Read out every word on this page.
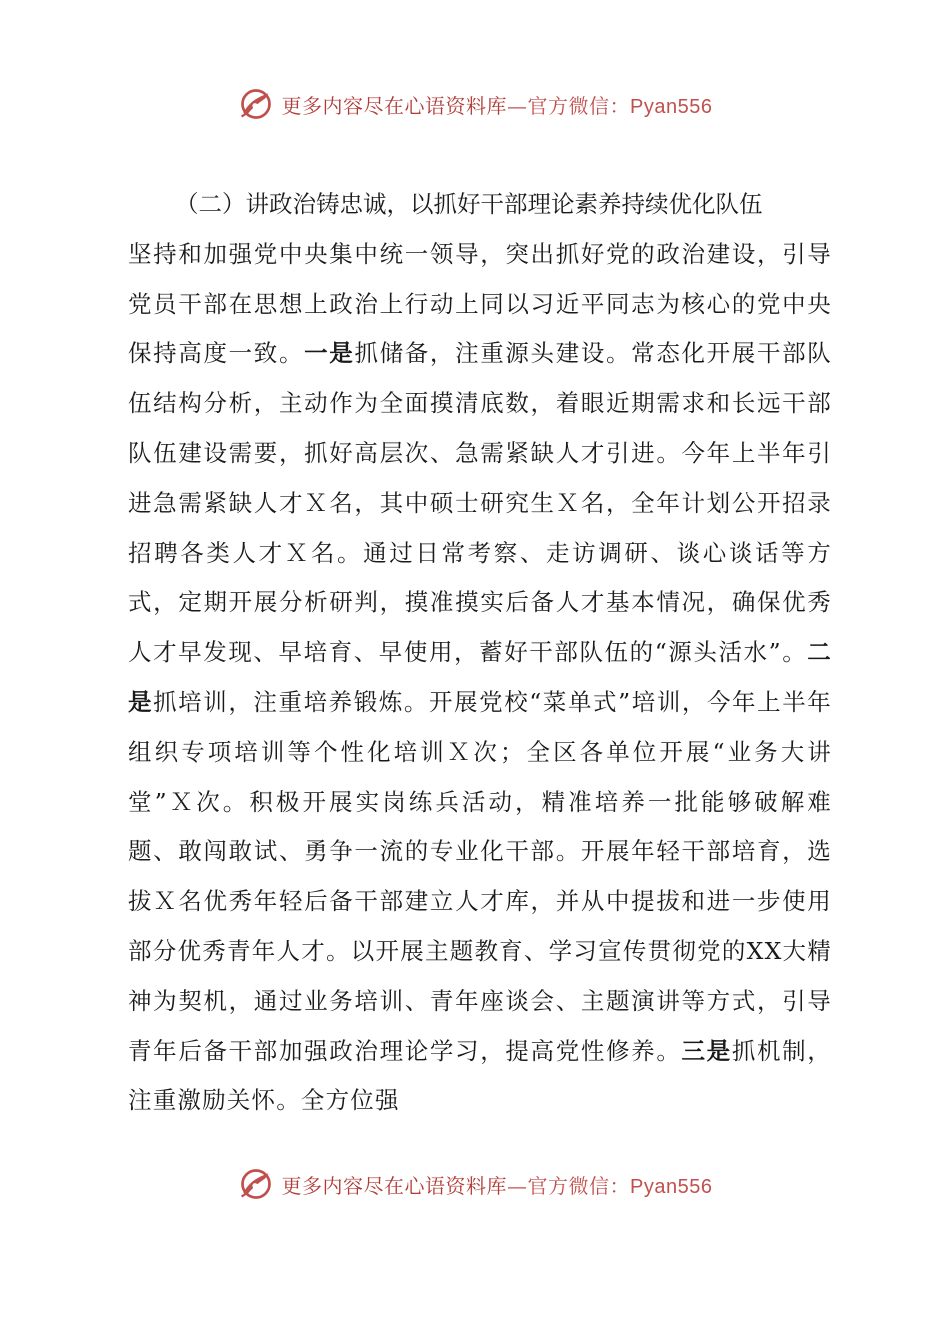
更多内容尽在心语资料库—官方微信：Pyan556

（二）讲政治铸忠诚，以抓好干部理论素养持续优化队伍

坚持和加强党中央集中统一领导，突出抓好党的政治建设，引导党员干部在思想上政治上行动上同以习近平同志为核心的党中央保持高度一致。一是抓储备，注重源头建设。常态化开展干部队伍结构分析，主动作为全面摸清底数，着眼近期需求和长远干部队伍建设需要，抓好高层次、急需紧缺人才引进。今年上半年引进急需紧缺人才Ｘ名，其中硕士研究生Ｘ名，全年计划公开招录招聘各类人才Ｘ名。通过日常考察、走访调研、谈心谈话等方式，定期开展分析研判，摸准摸实后备人才基本情况，确保优秀人才早发现、早培育、早使用，蓄好干部队伍的“源头活水”。二是抓培训，注重培养锻炼。开展党校“菜单式”培训，今年上半年组织专项培训等个性化培训Ｘ次；全区各单位开展“业务大讲堂”Ｘ次。积极开展实岗练兵活动，精准培养一批能够破解难题、敢闯敢试、勇争一流的专业化干部。开展年轻干部培育，选拔Ｘ名优秀年轻后备干部建立人才库，并从中提拔和进一步使用部分优秀青年人才。以开展主题教育、学习宣传贯彻党的XX大精神为契机，通过业务培训、青年座谈会、主题演讲等方式，引导青年后备干部加强政治理论学习，提高党性修养。三是抓机制，注重激励关怀。全方位强

更多内容尽在心语资料库—官方微信：Pyan556
